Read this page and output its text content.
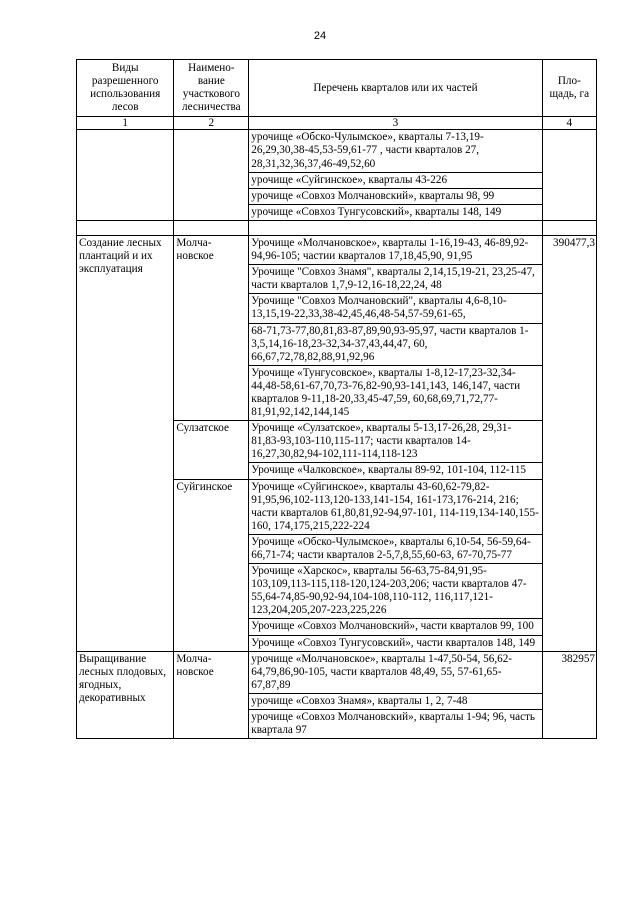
24
Виды разрешенного использования лесов	Наимено-вание участкового лесничества	Перечень кварталов или их частей	Пло-щадь, га
1	2	3	4
		урочище «Обско-Чулымское», кварталы 7-13,19-26,29,30,38-45,53-59,61-77 , части кварталов 27, 28,31,32,36,37,46-49,52,60	
		урочище «Суйгинское», кварталы 43-226	
		урочище «Совхоз Молчановский», кварталы 98, 99	
		урочище «Совхоз Тунгусовский», кварталы 148, 149	

Создание лесных плантаций и их эксплуатация	Молча-новское	Урочище «Молчановское», кварталы 1-16,19-43, 46-89,92-94,96-105; частии кварталов 17,18,45,90, 91,95	390477,3
		Урочище "Совхоз Знамя", кварталы 2,14,15,19-21, 23,25-47, части кварталов 1,7,9-12,16-18,22,24, 48	
		Урочище "Совхоз Молчановский", кварталы 4,6-8,10-13,15,19-22,33,38-42,45,46,48-54,57-59,61-65,	
		68-71,73-77,80,81,83-87,89,90,93-95,97, части кварталов 1-3,5,14,16-18,23-32,34-37,43,44,47, 60, 66,67,72,78,82,88,91,92,96	
		Урочище «Тунгусовское», кварталы 1-8,12-17,23-32,34-44,48-58,61-67,70,73-76,82-90,93-141,143, 146,147, части кварталов 9-11,18-20,33,45-47,59, 60,68,69,71,72,77-81,91,92,142,144,145	
	Сулзатское	Урочище «Сулзатское», кварталы 5-13,17-26,28, 29,31-81,83-93,103-110,115-117; части кварталов 14-16,27,30,82,94-102,111-114,118-123	
		Урочище «Чалковское», кварталы 89-92, 101-104, 112-115	
	Суйгинское	Урочище «Суйгинское», кварталы 43-60,62-79,82-91,95,96,102-113,120-133,141-154, 161-173,176-214, 216; части кварталов 61,80,81,92-94,97-101, 114-119,134-140,155-160, 174,175,215,222-224	
		Урочище «Обско-Чулымское», кварталы 6,10-54, 56-59,64-66,71-74; части кварталов 2-5,7,8,55,60-63, 67-70,75-77	
		Урочище «Харскос», кварталы 56-63,75-84,91,95-103,109,113-115,118-120,124-203,206; части кварталов 47-55,64-74,85-90,92-94,104-108,110-112, 116,117,121-123,204,205,207-223,225,226	
		Урочище «Совхоз Молчановский», части кварталов 99, 100	
		Урочище «Совхоз Тунгусовский», части кварталов 148, 149	
Выращивание лесных плодовых, ягодных, декоративных	Молча-новское	урочище «Молчановское», кварталы 1-47,50-54, 56,62-64,79,86,90-105, части кварталов 48,49, 55, 57-61,65-67,87,89	382957
		урочище «Совхоз Знамя», кварталы 1, 2, 7-48	
		урочище «Совхоз Молчановский», кварталы 1-94; 96, часть квартала 97	
